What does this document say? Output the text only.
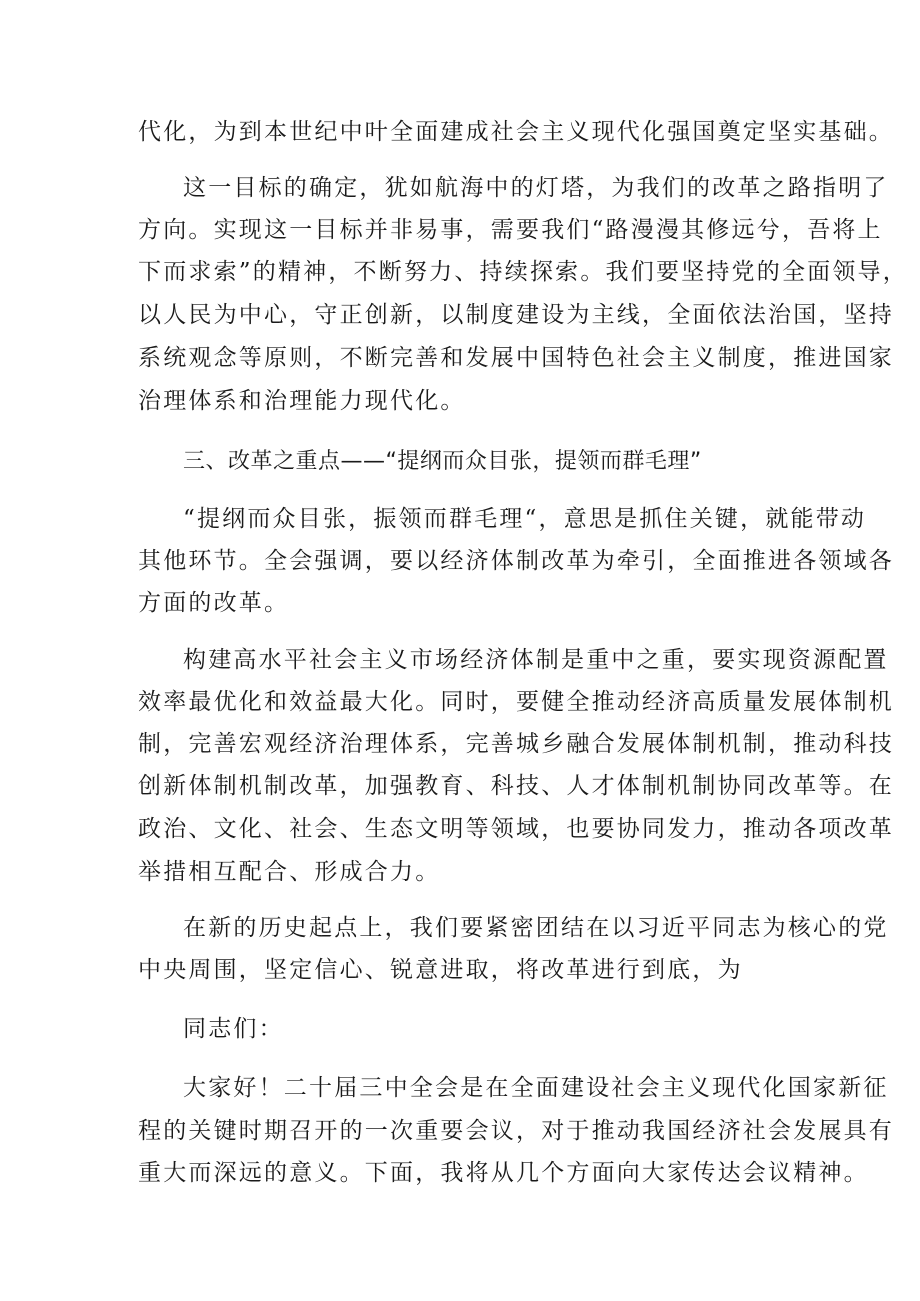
代化，为到本世纪中叶全面建成社会主义现代化强国奠定坚实基础。
这一目标的确定，犹如航海中的灯塔，为我们的改革之路指明了
方向。实现这一目标并非易事，需要我们“路漫漫其修远兮，吾将上
下而求索”的精神，不断努力、持续探索。我们要坚持党的全面领导，
以人民为中心，守正创新，以制度建设为主线，全面依法治国，坚持
系统观念等原则，不断完善和发展中国特色社会主义制度，推进国家
治理体系和治理能力现代化。
三、改革之重点——“提纲而众目张，提领而群毛理”
“提纲而众目张，振领而群毛理“，意思是抓住关键，就能带动
其他环节。全会强调，要以经济体制改革为牵引，全面推进各领域各
方面的改革。
构建高水平社会主义市场经济体制是重中之重，要实现资源配置
效率最优化和效益最大化。同时，要健全推动经济高质量发展体制机
制，完善宏观经济治理体系，完善城乡融合发展体制机制，推动科技
创新体制机制改革，加强教育、科技、人才体制机制协同改革等。在
政治、文化、社会、生态文明等领域，也要协同发力，推动各项改革
举措相互配合、形成合力。
在新的历史起点上，我们要紧密团结在以习近平同志为核心的党
中央周围，坚定信心、锐意进取，将改革进行到底，为
同志们：
大家好！二十届三中全会是在全面建设社会主义现代化国家新征
程的关键时期召开的一次重要会议，对于推动我国经济社会发展具有
重大而深远的意义。下面，我将从几个方面向大家传达会议精神。
